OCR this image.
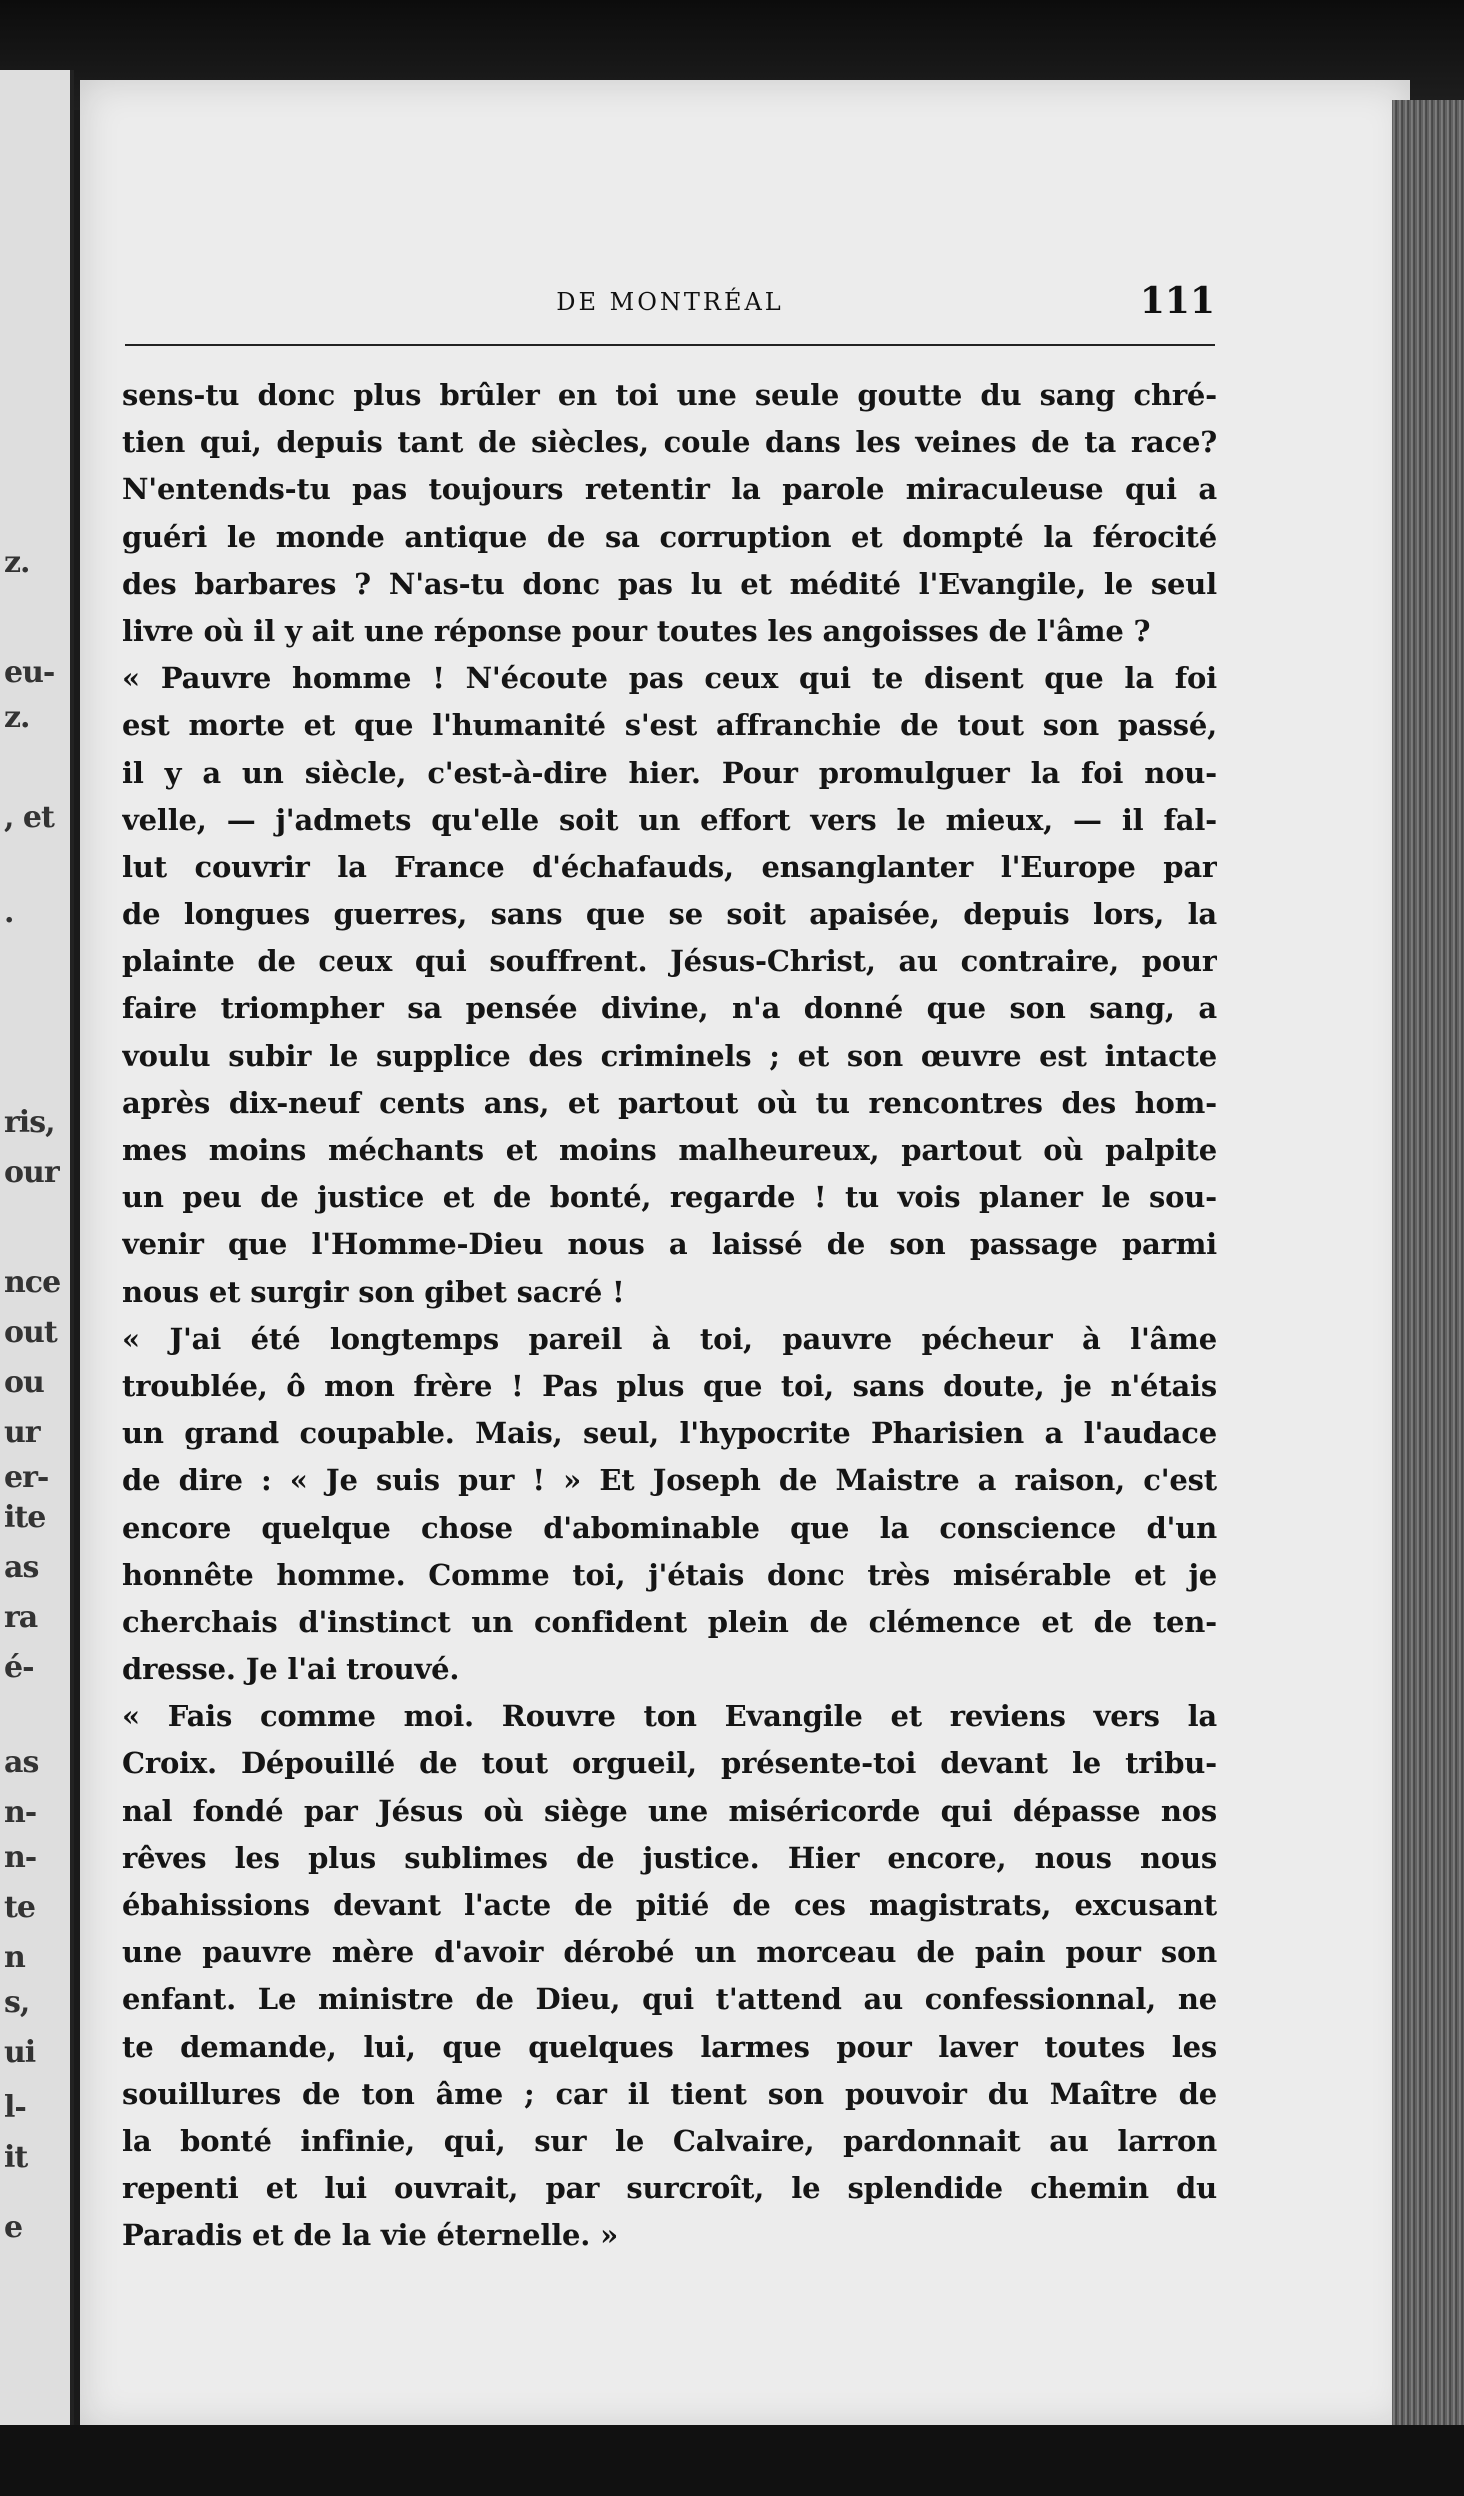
z.
eu-
z.
, et
.
ris,
our
nce
out
ou
ur
er-
ite
as
ra
é-
as
n-
n-
te
n
s,
ui
l-
it
e
DE MONTRÉAL	111
sens-tu donc plus brûler en toi une seule goutte du sang chré-
tien qui, depuis tant de siècles, coule dans les veines de ta race?
N'entends-tu pas toujours retentir la parole miraculeuse qui a
guéri le monde antique de sa corruption et dompté la férocité
des barbares ? N'as-tu donc pas lu et médité l'Evangile, le seul
livre où il y ait une réponse pour toutes les angoisses de l'âme ?
« Pauvre homme ! N'écoute pas ceux qui te disent que la foi
est morte et que l'humanité s'est affranchie de tout son passé,
il y a un siècle, c'est-à-dire hier. Pour promulguer la foi nou-
velle, — j'admets qu'elle soit un effort vers le mieux, — il fal-
lut couvrir la France d'échafauds, ensanglanter l'Europe par
de longues guerres, sans que se soit apaisée, depuis lors, la
plainte de ceux qui souffrent. Jésus-Christ, au contraire, pour
faire triompher sa pensée divine, n'a donné que son sang, a
voulu subir le supplice des criminels ; et son œuvre est intacte
après dix-neuf cents ans, et partout où tu rencontres des hom-
mes moins méchants et moins malheureux, partout où palpite
un peu de justice et de bonté, regarde ! tu vois planer le sou-
venir que l'Homme-Dieu nous a laissé de son passage parmi
nous et surgir son gibet sacré !
« J'ai été longtemps pareil à toi, pauvre pécheur à l'âme
troublée, ô mon frère ! Pas plus que toi, sans doute, je n'étais
un grand coupable. Mais, seul, l'hypocrite Pharisien a l'audace
de dire : « Je suis pur ! » Et Joseph de Maistre a raison, c'est
encore quelque chose d'abominable que la conscience d'un
honnête homme. Comme toi, j'étais donc très misérable et je
cherchais d'instinct un confident plein de clémence et de ten-
dresse. Je l'ai trouvé.
« Fais comme moi. Rouvre ton Evangile et reviens vers la
Croix. Dépouillé de tout orgueil, présente-toi devant le tribu-
nal fondé par Jésus où siège une miséricorde qui dépasse nos
rêves les plus sublimes de justice. Hier encore, nous nous
ébahissions devant l'acte de pitié de ces magistrats, excusant
une pauvre mère d'avoir dérobé un morceau de pain pour son
enfant. Le ministre de Dieu, qui t'attend au confessionnal, ne
te demande, lui, que quelques larmes pour laver toutes les
souillures de ton âme ; car il tient son pouvoir du Maître de
la bonté infinie, qui, sur le Calvaire, pardonnait au larron
repenti et lui ouvrait, par surcroît, le splendide chemin du
Paradis et de la vie éternelle. »
